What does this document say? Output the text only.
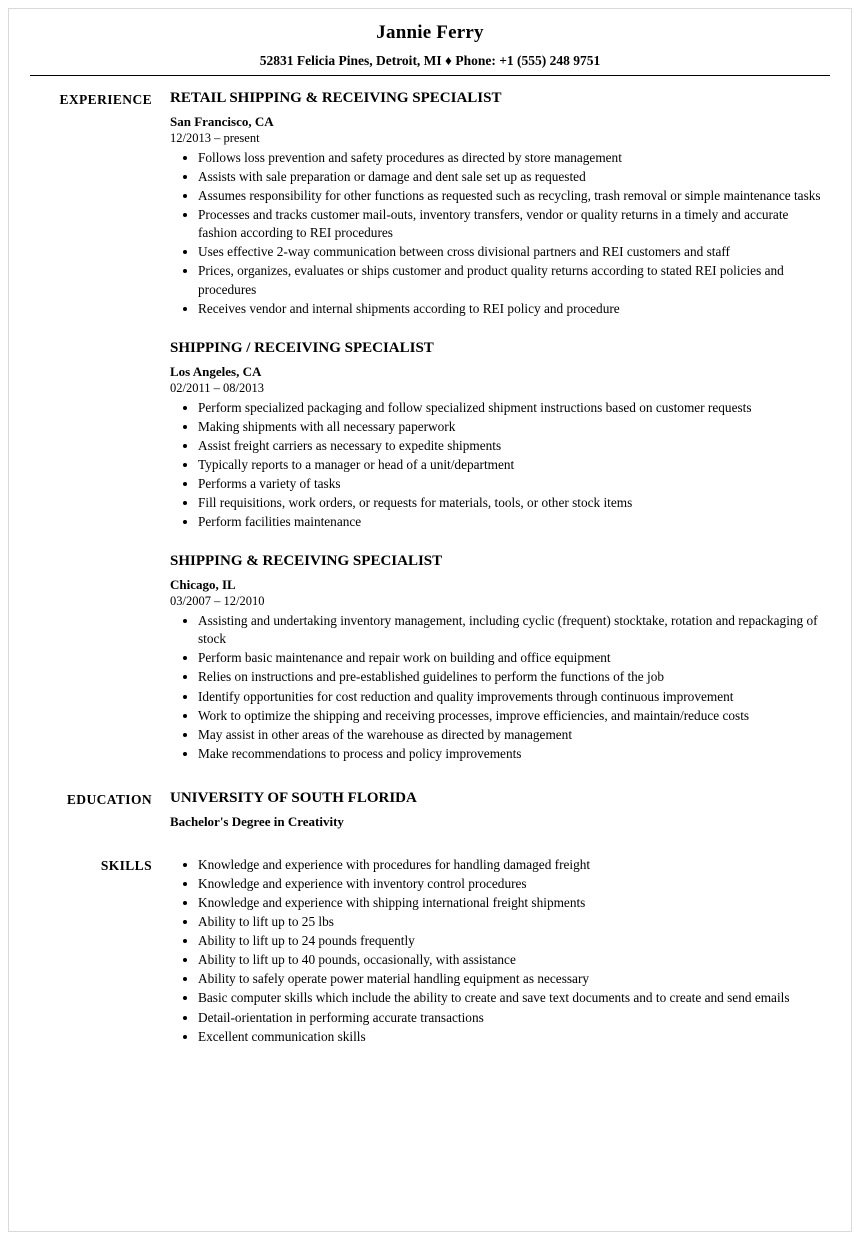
Jannie Ferry
52831 Felicia Pines, Detroit, MI ♦ Phone: +1 (555) 248 9751
EXPERIENCE	RETAIL SHIPPING & RECEIVING SPECIALIST
San Francisco, CA
12/2013 – present
Follows loss prevention and safety procedures as directed by store management
Assists with sale preparation or damage and dent sale set up as requested
Assumes responsibility for other functions as requested such as recycling, trash removal or simple maintenance tasks
Processes and tracks customer mail-outs, inventory transfers, vendor or quality returns in a timely and accurate fashion according to REI procedures
Uses effective 2-way communication between cross divisional partners and REI customers and staff
Prices, organizes, evaluates or ships customer and product quality returns according to stated REI policies and procedures
Receives vendor and internal shipments according to REI policy and procedure
SHIPPING / RECEIVING SPECIALIST
Los Angeles, CA
02/2011 – 08/2013
Perform specialized packaging and follow specialized shipment instructions based on customer requests
Making shipments with all necessary paperwork
Assist freight carriers as necessary to expedite shipments
Typically reports to a manager or head of a unit/department
Performs a variety of tasks
Fill requisitions, work orders, or requests for materials, tools, or other stock items
Perform facilities maintenance
SHIPPING & RECEIVING SPECIALIST
Chicago, IL
03/2007 – 12/2010
Assisting and undertaking inventory management, including cyclic (frequent) stocktake, rotation and repackaging of stock
Perform basic maintenance and repair work on building and office equipment
Relies on instructions and pre-established guidelines to perform the functions of the job
Identify opportunities for cost reduction and quality improvements through continuous improvement
Work to optimize the shipping and receiving processes, improve efficiencies, and maintain/reduce costs
May assist in other areas of the warehouse as directed by management
Make recommendations to process and policy improvements
EDUCATION	UNIVERSITY OF SOUTH FLORIDA
Bachelor's Degree in Creativity
SKILLS	Knowledge and experience with procedures for handling damaged freight
Knowledge and experience with inventory control procedures
Knowledge and experience with shipping international freight shipments
Ability to lift up to 25 lbs
Ability to lift up to 24 pounds frequently
Ability to lift up to 40 pounds, occasionally, with assistance
Ability to safely operate power material handling equipment as necessary
Basic computer skills which include the ability to create and save text documents and to create and send emails
Detail-orientation in performing accurate transactions
Excellent communication skills
